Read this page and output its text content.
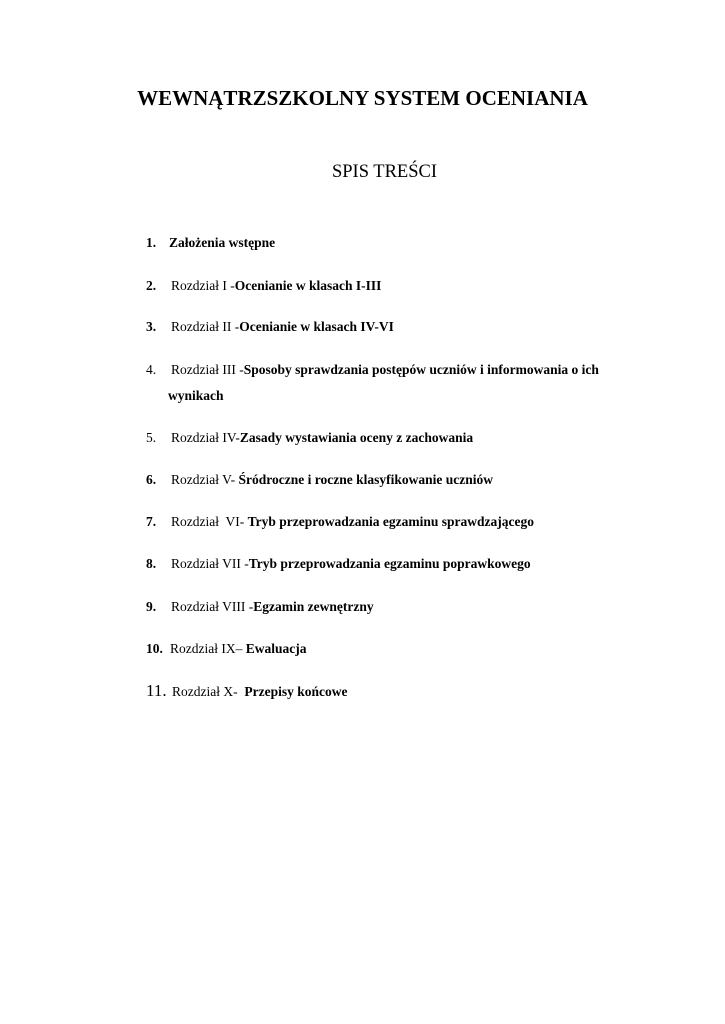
WEWNĄTRZSZKOLNY SYSTEM OCENIANIA
SPIS TREŚCI
1. Założenia wstępne
2. Rozdział I -Ocenianie w klasach I-III
3. Rozdział II -Ocenianie w klasach IV-VI
4. Rozdział III -Sposoby sprawdzania postępów uczniów i informowania o ich
wynikach
5. Rozdział IV-Zasady wystawiania oceny z zachowania
6. Rozdział V- Śródroczne i roczne klasyfikowanie uczniów
7. Rozdział  VI- Tryb przeprowadzania egzaminu sprawdzającego
8. Rozdział VII -Tryb przeprowadzania egzaminu poprawkowego
9. Rozdział VIII -Egzamin zewnętrzny
10. Rozdział IX– Ewaluacja
11. Rozdział X-  Przepisy końcowe
